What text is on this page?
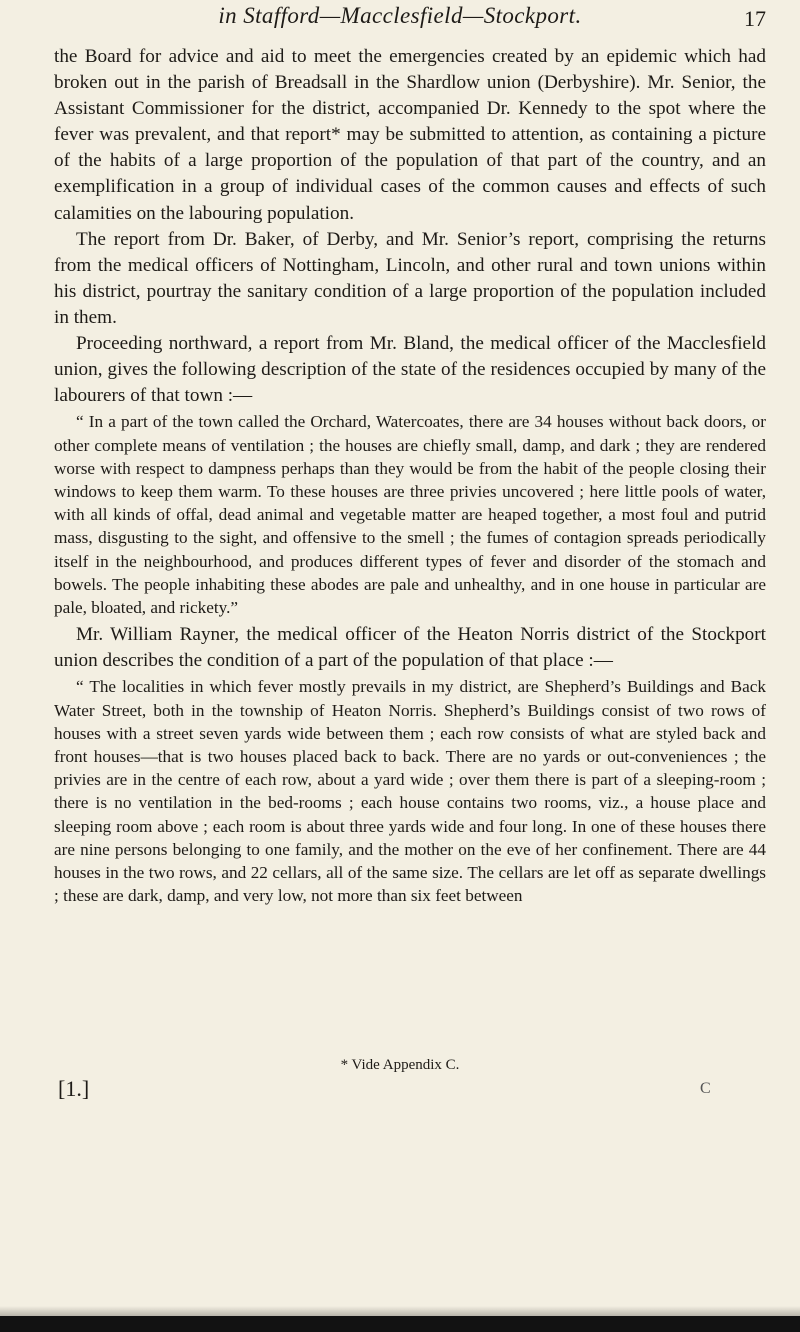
in Stafford—Macclesfield—Stockport.	17

the Board for advice and aid to meet the emergencies created by an epidemic which had broken out in the parish of Breadsall in the Shardlow union (Derbyshire). Mr. Senior, the Assistant Commissioner for the district, accompanied Dr. Kennedy to the spot where the fever was prevalent, and that report* may be submitted to attention, as containing a picture of the habits of a large proportion of the population of that part of the country, and an exemplification in a group of individual cases of the common causes and effects of such calamities on the labouring population.

The report from Dr. Baker, of Derby, and Mr. Senior’s report, comprising the returns from the medical officers of Nottingham, Lincoln, and other rural and town unions within his district, pourtray the sanitary condition of a large proportion of the population included in them.

Proceeding northward, a report from Mr. Bland, the medical officer of the Macclesfield union, gives the following description of the state of the residences occupied by many of the labourers of that town :—

“ In a part of the town called the Orchard, Watercoates, there are 34 houses without back doors, or other complete means of ventilation ; the houses are chiefly small, damp, and dark ; they are rendered worse with respect to dampness perhaps than they would be from the habit of the people closing their windows to keep them warm. To these houses are three privies uncovered ; here little pools of water, with all kinds of offal, dead animal and vegetable matter are heaped together, a most foul and putrid mass, disgusting to the sight, and offensive to the smell ; the fumes of contagion spreads periodically itself in the neighbourhood, and produces different types of fever and disorder of the stomach and bowels. The people inhabiting these abodes are pale and unhealthy, and in one house in particular are pale, bloated, and rickety.”

Mr. William Rayner, the medical officer of the Heaton Norris district of the Stockport union describes the condition of a part of the population of that place :—

“ The localities in which fever mostly prevails in my district, are Shepherd’s Buildings and Back Water Street, both in the township of Heaton Norris. Shepherd’s Buildings consist of two rows of houses with a street seven yards wide between them ; each row consists of what are styled back and front houses—that is two houses placed back to back. There are no yards or out-conveniences ; the privies are in the centre of each row, about a yard wide ; over them there is part of a sleeping-room ; there is no ventilation in the bed-rooms ; each house contains two rooms, viz., a house place and sleeping room above ; each room is about three yards wide and four long. In one of these houses there are nine persons belonging to one family, and the mother on the eve of her confinement. There are 44 houses in the two rows, and 22 cellars, all of the same size. The cellars are let off as separate dwellings ; these are dark, damp, and very low, not more than six feet between

* Vide Appendix C.
[1.]	C
